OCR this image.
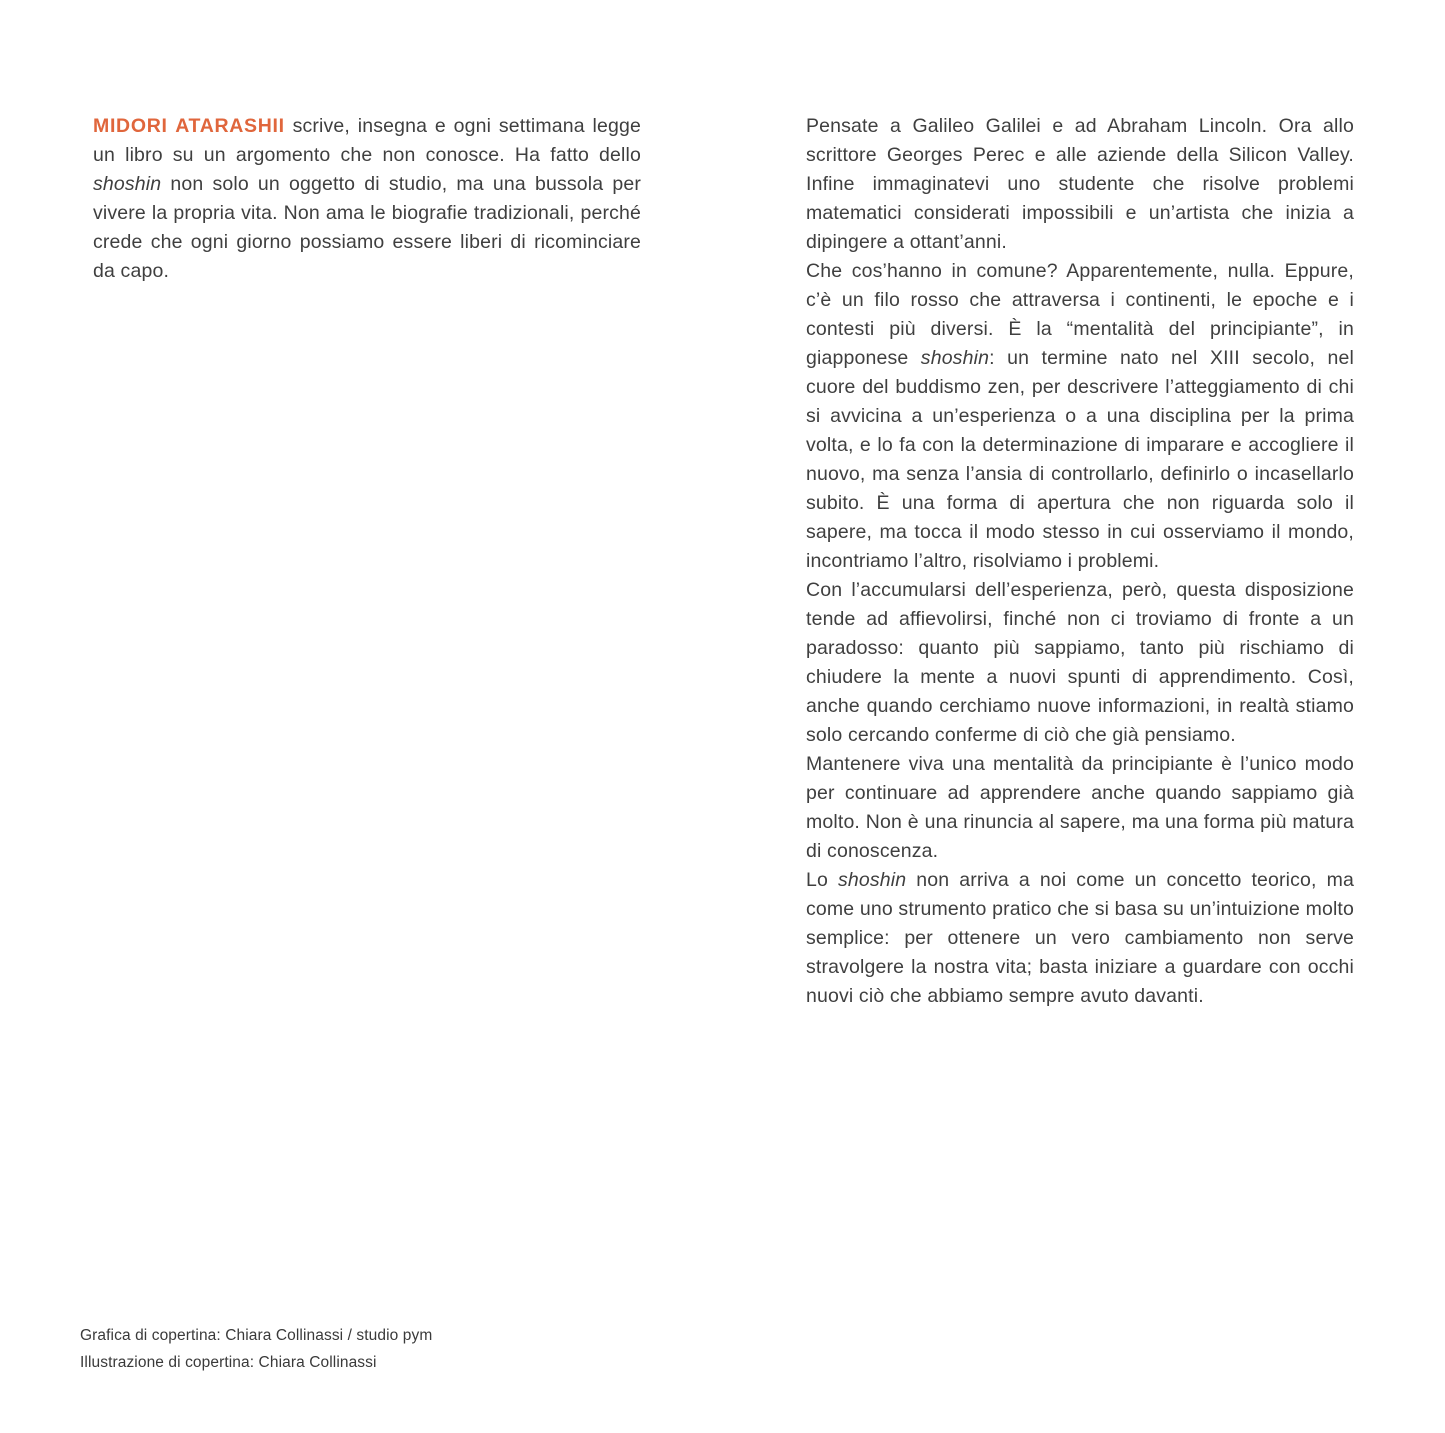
MIDORI ATARASHII scrive, insegna e ogni settimana legge un libro su un argomento che non conosce. Ha fatto dello shoshin non solo un oggetto di studio, ma una bussola per vivere la propria vita. Non ama le biografie tradizionali, perché crede che ogni giorno possiamo essere liberi di ricominciare da capo.

Pensate a Galileo Galilei e ad Abraham Lincoln. Ora allo scrittore Georges Perec e alle aziende della Silicon Valley. Infine immaginatevi uno studente che risolve problemi matematici considerati impossibili e un’artista che inizia a dipingere a ottant’anni.

Che cos’hanno in comune? Apparentemente, nulla. Eppure, c’è un filo rosso che attraversa i continenti, le epoche e i contesti più diversi. È la “mentalità del principiante”, in giapponese shoshin: un termine nato nel XIII secolo, nel cuore del buddismo zen, per descrivere l’atteggiamento di chi si avvicina a un’esperienza o a una disciplina per la prima volta, e lo fa con la determinazione di imparare e accogliere il nuovo, ma senza l’ansia di controllarlo, definirlo o incasellarlo subito. È una forma di apertura che non riguarda solo il sapere, ma tocca il modo stesso in cui osserviamo il mondo, incontriamo l’altro, risolviamo i problemi.

Con l’accumularsi dell’esperienza, però, questa disposizione tende ad affievolirsi, finché non ci troviamo di fronte a un paradosso: quanto più sappiamo, tanto più rischiamo di chiudere la mente a nuovi spunti di apprendimento. Così, anche quando cerchiamo nuove informazioni, in realtà stiamo solo cercando conferme di ciò che già pensiamo.

Mantenere viva una mentalità da principiante è l’unico modo per continuare ad apprendere anche quando sappiamo già molto. Non è una rinuncia al sapere, ma una forma più matura di conoscenza.

Lo shoshin non arriva a noi come un concetto teorico, ma come uno strumento pratico che si basa su un’intuizione molto semplice: per ottenere un vero cambiamento non serve stravolgere la nostra vita; basta iniziare a guardare con occhi nuovi ciò che abbiamo sempre avuto davanti.

Grafica di copertina: Chiara Collinassi / studio pym
Illustrazione di copertina: Chiara Collinassi
